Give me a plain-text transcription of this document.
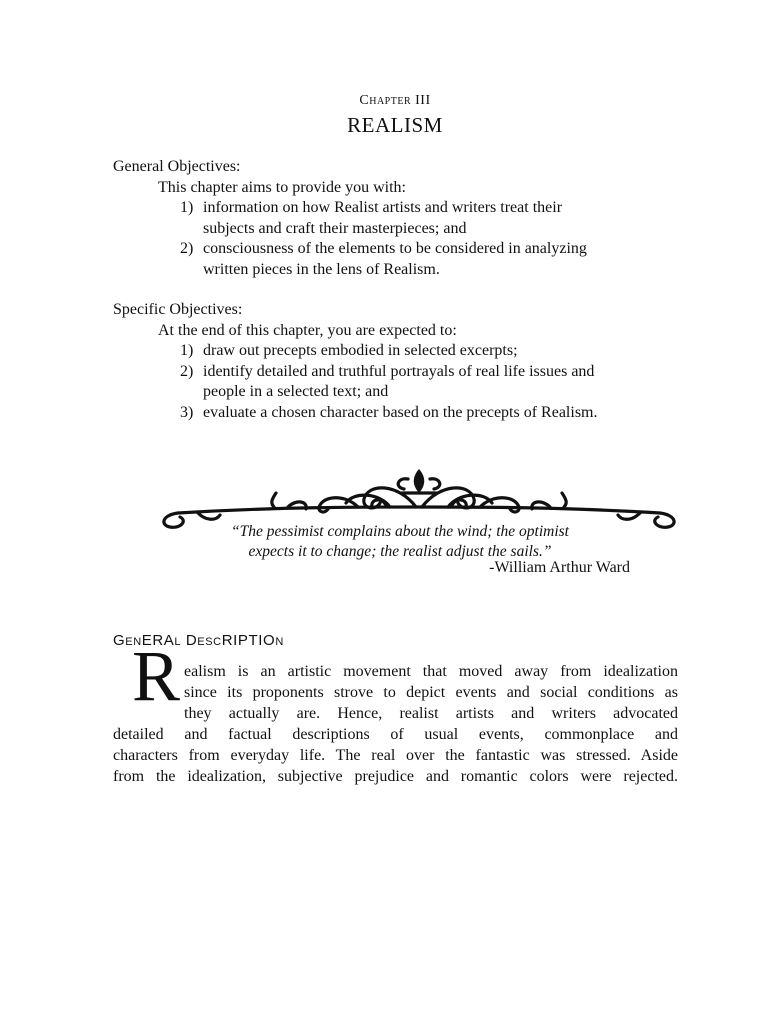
Chapter III
REALISM
General Objectives:
This chapter aims to provide you with:
1) information on how Realist artists and writers treat their
subjects and craft their masterpieces; and
2) consciousness of the elements to be considered in analyzing
written pieces in the lens of Realism.
Specific Objectives:
At the end of this chapter, you are expected to:
1) draw out precepts embodied in selected excerpts;
2) identify detailed and truthful portrayals of real life issues and
people in a selected text; and
3) evaluate a chosen character based on the precepts of Realism.
“The pessimist complains about the wind; the optimist
expects it to change; the realist adjust the sails.”
-William Arthur Ward
GenERAl DescRIPTIOn
R ealism is an artistic movement that moved away from idealization
since its proponents strove to depict events and social conditions as
they actually are. Hence, realist artists and writers advocated
detailed and factual descriptions of usual events, commonplace and
characters from everyday life. The real over the fantastic was stressed. Aside
from the idealization, subjective prejudice and romantic colors were rejected.
